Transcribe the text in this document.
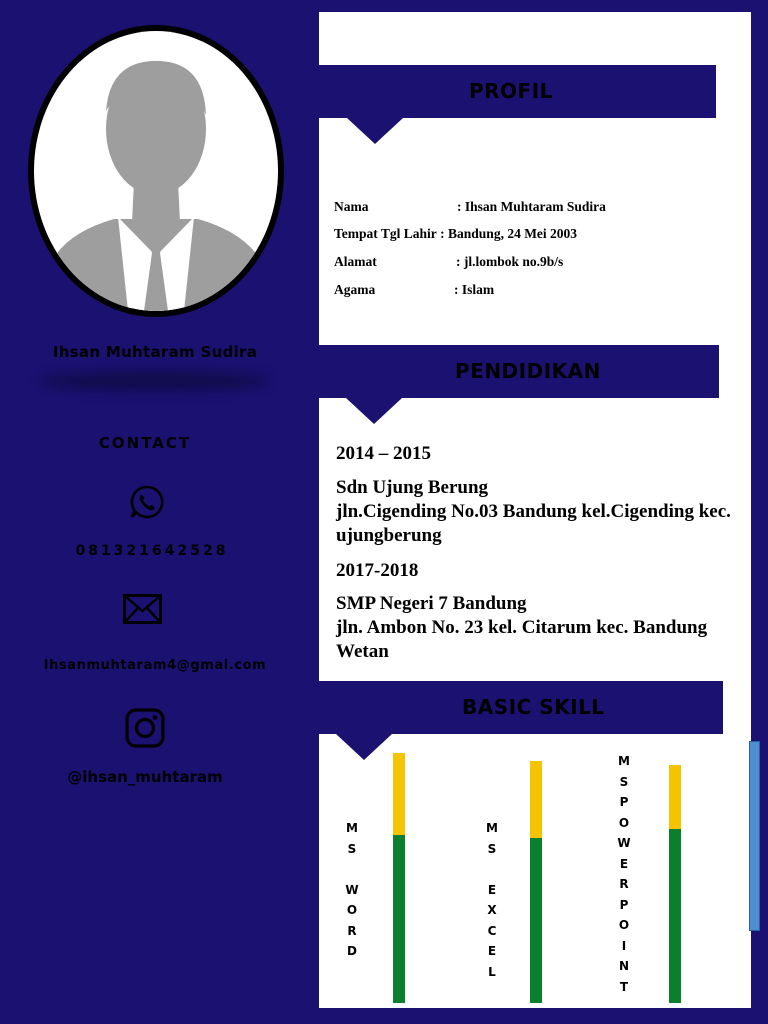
Ihsan Muhtaram Sudira
CONTACT
081321642528
Ihsanmuhtaram4@gmai.com
@ihsan_muhtaram
PROFIL
Nama	: Ihsan Muhtaram Sudira
Tempat Tgl Lahir : Bandung, 24 Mei 2003
Alamat	: jl.lombok no.9b/s
Agama	: Islam
PENDIDIKAN
2014 – 2015
Sdn Ujung Berung
jln.Cigending No.03 Bandung kel.Cigending kec. ujungberung
2017-2018
SMP Negeri 7 Bandung
jln. Ambon No. 23 kel. Citarum kec. Bandung Wetan
BASIC SKILL
M
S
W
O
R
D
M
S
E
X
C
E
L
M
S
P
O
W
E
R
P
O
I
N
T
